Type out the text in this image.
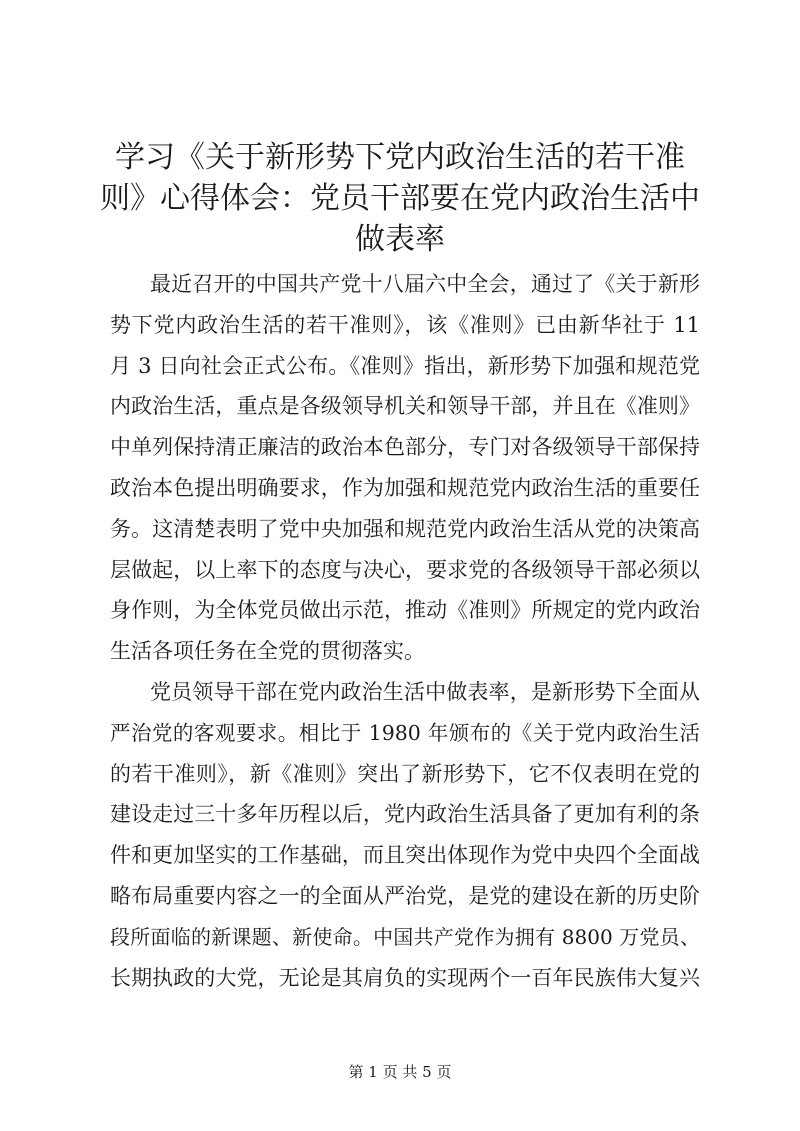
学习《关于新形势下党内政治生活的若干准
则》心得体会：党员干部要在党内政治生活中
做表率
最近召开的中国共产党十八届六中全会，通过了《关于新形
势下党内政治生活的若干准则》，该《准则》已由新华社于 11
月 3 日向社会正式公布。《准则》指出，新形势下加强和规范党
内政治生活，重点是各级领导机关和领导干部，并且在《准则》
中单列保持清正廉洁的政治本色部分，专门对各级领导干部保持
政治本色提出明确要求，作为加强和规范党内政治生活的重要任
务。这清楚表明了党中央加强和规范党内政治生活从党的决策高
层做起，以上率下的态度与决心，要求党的各级领导干部必须以
身作则，为全体党员做出示范，推动《准则》所规定的党内政治
生活各项任务在全党的贯彻落实。
党员领导干部在党内政治生活中做表率，是新形势下全面从
严治党的客观要求。相比于 1980 年颁布的《关于党内政治生活
的若干准则》，新《准则》突出了新形势下，它不仅表明在党的
建设走过三十多年历程以后，党内政治生活具备了更加有利的条
件和更加坚实的工作基础，而且突出体现作为党中央四个全面战
略布局重要内容之一的全面从严治党，是党的建设在新的历史阶
段所面临的新课题、新使命。中国共产党作为拥有 8800 万党员、
长期执政的大党，无论是其肩负的实现两个一百年民族伟大复兴
第 1 页 共 5 页
